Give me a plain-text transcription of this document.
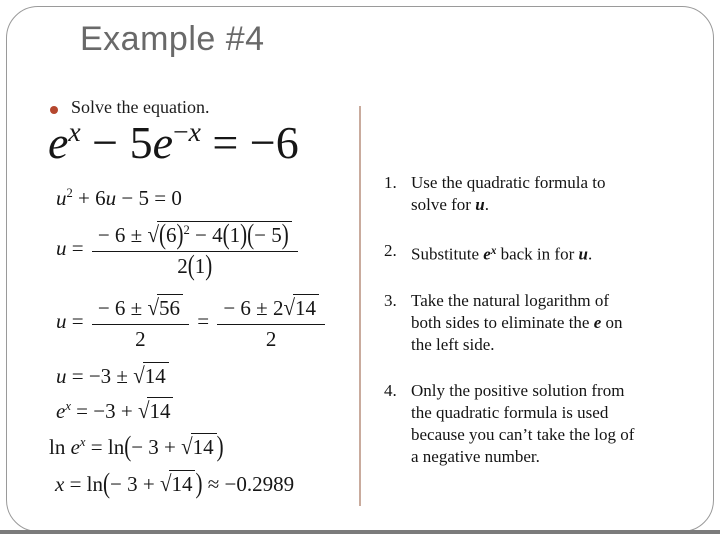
Example #4
Solve the equation.
$e^x - 5e^{-x} = -6$
$u^2 + 6u - 5 = 0$
$u = \frac{- 6 \pm √(6)^2 - 4(1)(- 5)}{2(1)}$
$u = \frac{- 6 \pm √56}{2} = \frac{- 6 \pm 2√14}{2}$
u = −3 ± √14
$e^x = -3 + √14$
$\ln e^x = \ln(- 3 + √14$ )
x = ln(− 3 + √14 ) ≈ −0.2989
1. Use the quadratic formula to solve for u.
2. Substitute $e^x$ back in for u.
3. Take the natural logarithm of both sides to eliminate the e on the left side.
4. Only the positive solution from the quadratic formula is used because you can’t take the log of a negative number.
